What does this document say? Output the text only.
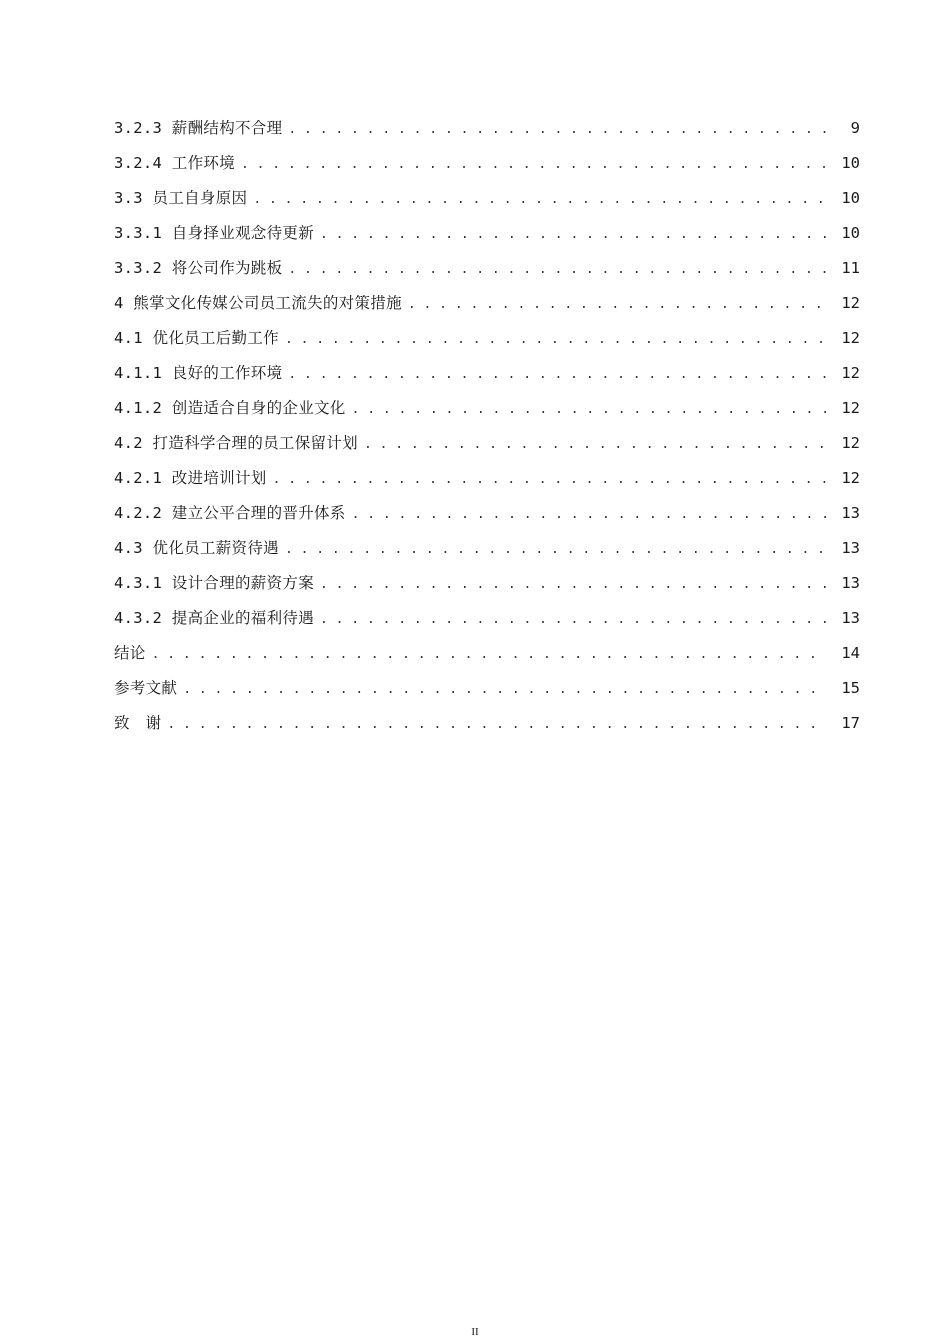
3.2.3 薪酬结构不合理 . . .	9
3.2.4 工作环境 . . .	10
3.3 员工自身原因 . . .	10
3.3.1 自身择业观念待更新 . . .	10
3.3.2 将公司作为跳板 . . .	11
4 熊掌文化传媒公司员工流失的对策措施 . . .	12
4.1 优化员工后勤工作 . . .	12
4.1.1 良好的工作环境 . . .	12
4.1.2 创造适合自身的企业文化 . . .	12
4.2 打造科学合理的员工保留计划 . . .	12
4.2.1 改进培训计划 . . .	12
4.2.2 建立公平合理的晋升体系 . . .	13
4.3 优化员工薪资待遇 . . .	13
4.3.1 设计合理的薪资方案 . . .	13
4.3.2 提高企业的福利待遇 . . .	13
结论 . . .	14
参考文献 . . .	15
致　谢 . . .	17
II
